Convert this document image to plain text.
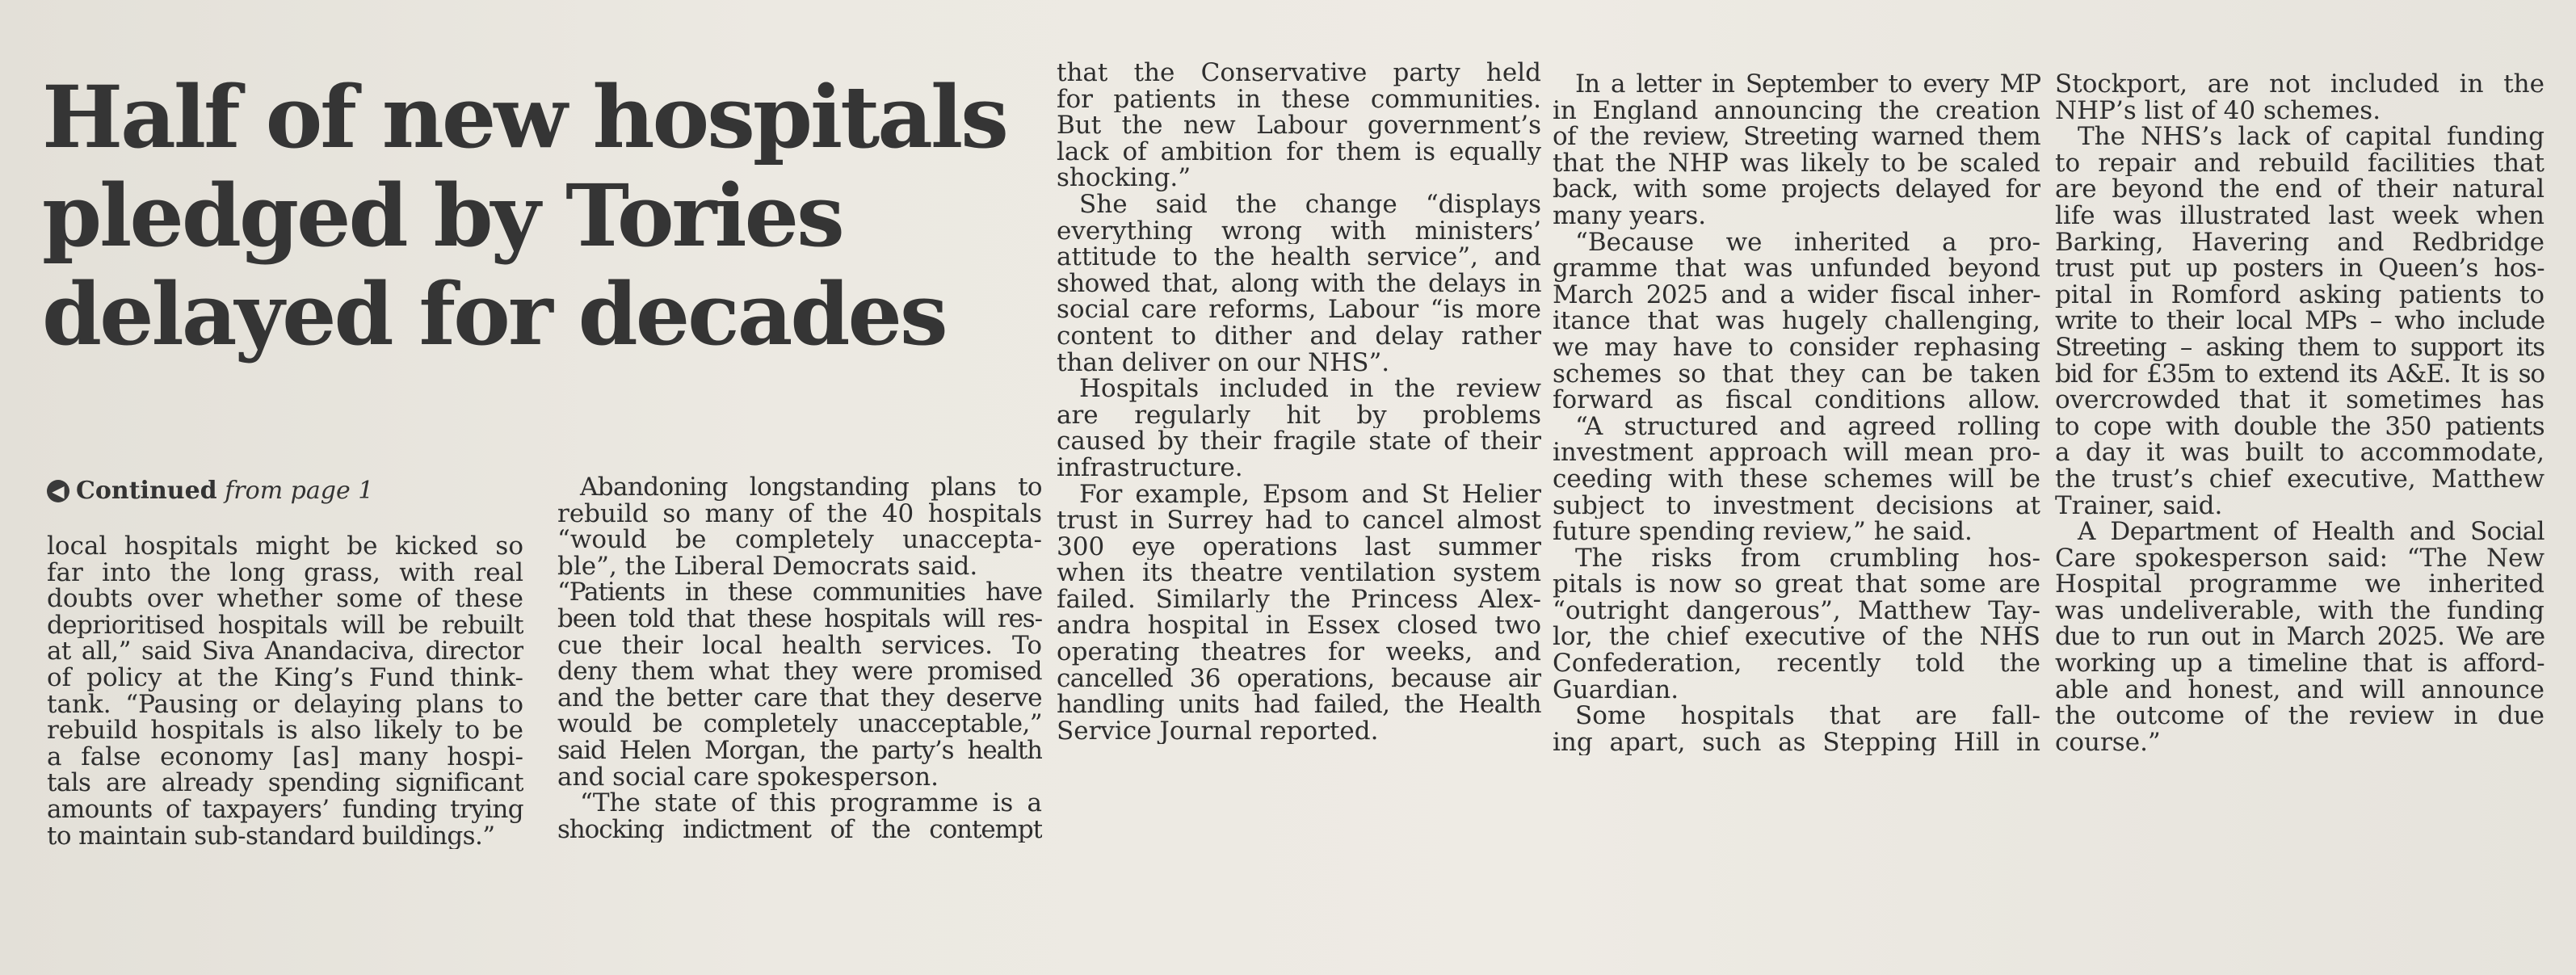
Half of new hospitals
pledged by Tories
delayed for decades
◀ Continued from page 1
local hospitals might be kicked so
far into the long grass, with real
doubts over whether some of these
deprioritised hospitals will be rebuilt
at all,” said Siva Anandaciva, director
of policy at the King’s Fund think-
tank. “Pausing or delaying plans to
rebuild hospitals is also likely to be
a false economy [as] many hospi-
tals are already spending significant
amounts of taxpayers’ funding trying
to maintain sub-standard buildings.”
Abandoning longstanding plans to
rebuild so many of the 40 hospitals
“would be completely unaccepta-
ble”, the Liberal Democrats said.
“Patients in these communities have
been told that these hospitals will res-
cue their local health services. To
deny them what they were promised
and the better care that they deserve
would be completely unacceptable,”
said Helen Morgan, the party’s health
and social care spokesperson.
“The state of this programme is a
shocking indictment of the contempt
that the Conservative party held
for patients in these communities.
But the new Labour government’s
lack of ambition for them is equally
shocking.”
She said the change “displays
everything wrong with ministers’
attitude to the health service”, and
showed that, along with the delays in
social care reforms, Labour “is more
content to dither and delay rather
than deliver on our NHS”.
Hospitals included in the review
are regularly hit by problems
caused by their fragile state of their
infrastructure.
For example, Epsom and St Helier
trust in Surrey had to cancel almost
300 eye operations last summer
when its theatre ventilation system
failed. Similarly the Princess Alex-
andra hospital in Essex closed two
operating theatres for weeks, and
cancelled 36 operations, because air
handling units had failed, the Health
Service Journal reported.
In a letter in September to every MP
in England announcing the creation
of the review, Streeting warned them
that the NHP was likely to be scaled
back, with some projects delayed for
many years.
“Because we inherited a pro-
gramme that was unfunded beyond
March 2025 and a wider fiscal inher-
itance that was hugely challenging,
we may have to consider rephasing
schemes so that they can be taken
forward as fiscal conditions allow.
“A structured and agreed rolling
investment approach will mean pro-
ceeding with these schemes will be
subject to investment decisions at
future spending review,” he said.
The risks from crumbling hos-
pitals is now so great that some are
“outright dangerous”, Matthew Tay-
lor, the chief executive of the NHS
Confederation, recently told the
Guardian.
Some hospitals that are fall-
ing apart, such as Stepping Hill in
Stockport, are not included in the
NHP’s list of 40 schemes.
The NHS’s lack of capital funding
to repair and rebuild facilities that
are beyond the end of their natural
life was illustrated last week when
Barking, Havering and Redbridge
trust put up posters in Queen’s hos-
pital in Romford asking patients to
write to their local MPs – who include
Streeting – asking them to support its
bid for £35m to extend its A&E. It is so
overcrowded that it sometimes has
to cope with double the 350 patients
a day it was built to accommodate,
the trust’s chief executive, Matthew
Trainer, said.
A Department of Health and Social
Care spokesperson said: “The New
Hospital programme we inherited
was undeliverable, with the funding
due to run out in March 2025. We are
working up a timeline that is afford-
able and honest, and will announce
the outcome of the review in due
course.”
